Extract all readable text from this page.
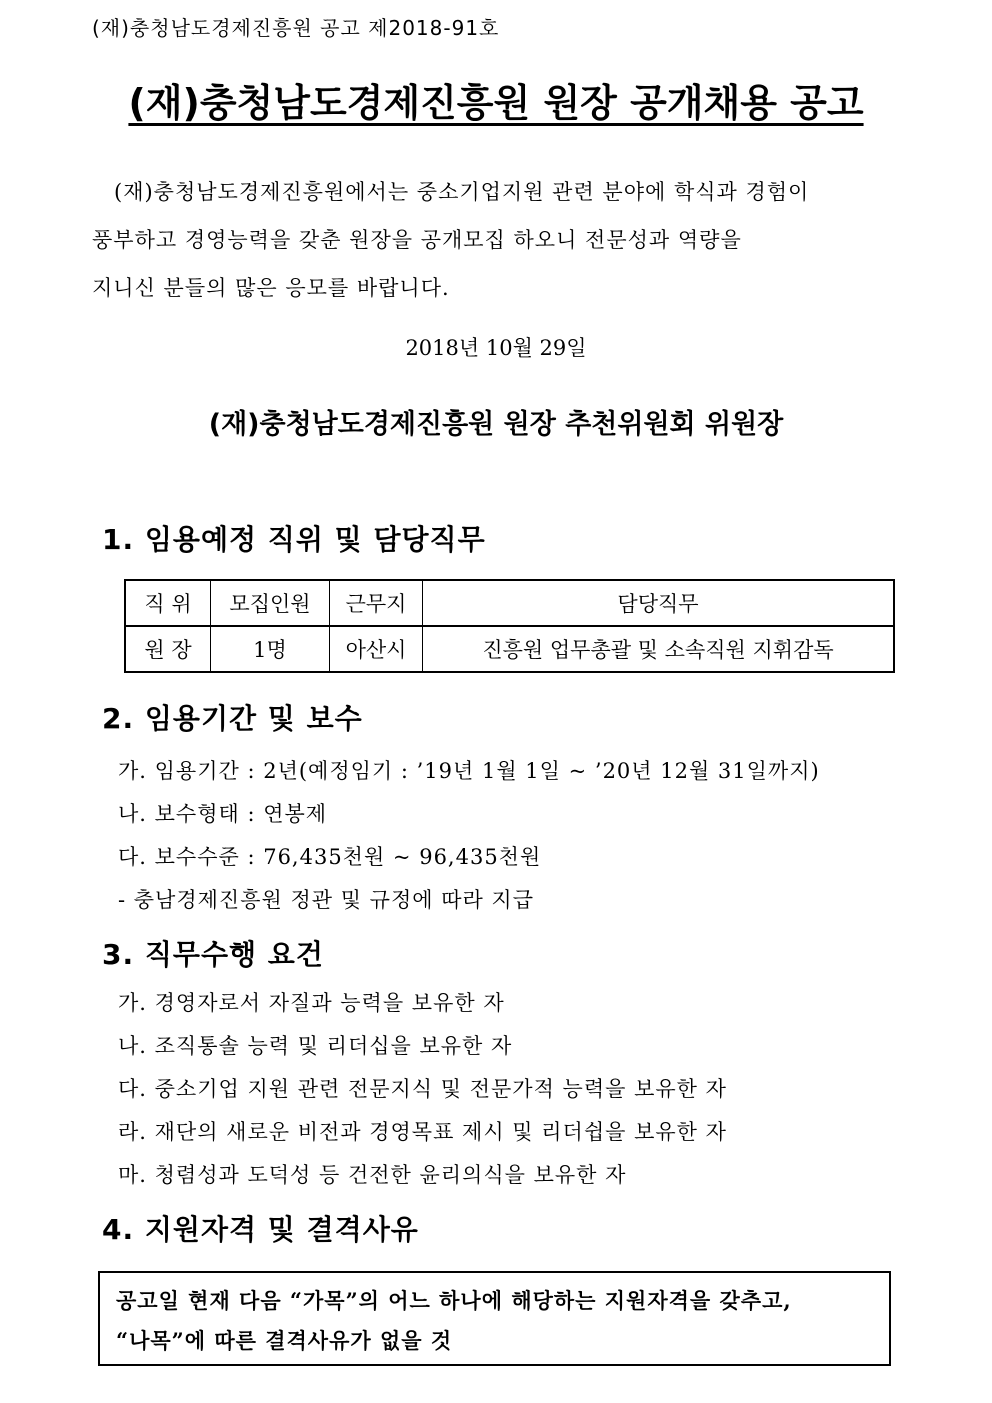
(재)충청남도경제진흥원 공고 제2018-91호
(재)충청남도경제진흥원 원장 공개채용 공고
(재)충청남도경제진흥원에서는 중소기업지원 관련 분야에 학식과 경험이
풍부하고 경영능력을 갖춘 원장을 공개모집 하오니 전문성과 역량을
지니신 분들의 많은 응모를 바랍니다.
2018년 10월 29일
(재)충청남도경제진흥원 원장 추천위원회 위원장
1. 임용예정 직위 및 담당직무
직 위	모집인원	근무지	담당직무
원 장	1명	아산시	진흥원 업무총괄 및 소속직원 지휘감독
2. 임용기간 및 보수
가. 임용기간 : 2년(예정임기 : ’19년 1월 1일 ~ ’20년 12월 31일까지)
나. 보수형태 : 연봉제
다. 보수수준 : 76,435천원 ~ 96,435천원
- 충남경제진흥원 정관 및 규정에 따라 지급
3. 직무수행 요건
가. 경영자로서 자질과 능력을 보유한 자
나. 조직통솔 능력 및 리더십을 보유한 자
다. 중소기업 지원 관련 전문지식 및 전문가적 능력을 보유한 자
라. 재단의 새로운 비전과 경영목표 제시 및 리더쉽을 보유한 자
마. 청렴성과 도덕성 등 건전한 윤리의식을 보유한 자
4. 지원자격 및 결격사유
공고일 현재 다음 “가목”의 어느 하나에 해당하는 지원자격을 갖추고,
“나목”에 따른 결격사유가 없을 것
